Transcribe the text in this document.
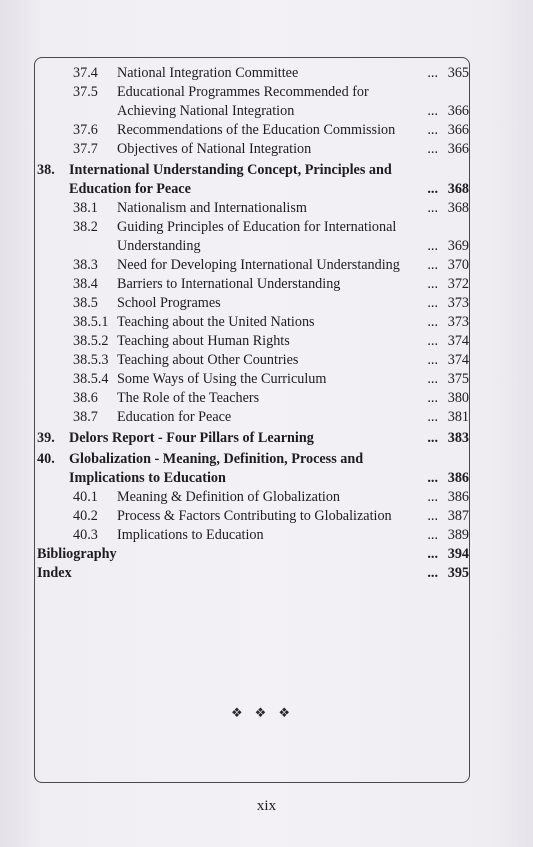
37.4 National Integration Committee	... 365
37.5 Educational Programmes Recommended for Achieving National Integration	... 366
37.6 Recommendations of the Education Commission	... 366
37.7 Objectives of National Integration	... 366
38. International Understanding Concept, Principles and Education for Peace	... 368
38.1 Nationalism and Internationalism	... 368
38.2 Guiding Principles of Education for International Understanding	... 369
38.3 Need for Developing International Understanding	... 370
38.4 Barriers to International Understanding	... 372
38.5 School Programes	... 373
38.5.1 Teaching about the United Nations	... 373
38.5.2 Teaching about Human Rights	... 374
38.5.3 Teaching about Other Countries	... 374
38.5.4 Some Ways of Using the Curriculum	... 375
38.6 The Role of the Teachers	... 380
38.7 Education for Peace	... 381
39. Delors Report - Four Pillars of Learning	... 383
40. Globalization - Meaning, Definition, Process and Implications to Education	... 386
40.1 Meaning & Definition of Globalization	... 386
40.2 Process & Factors Contributing to Globalization	... 387
40.3 Implications to Education	... 389
Bibliography	... 394
Index	... 395
❖❖❖
xix
